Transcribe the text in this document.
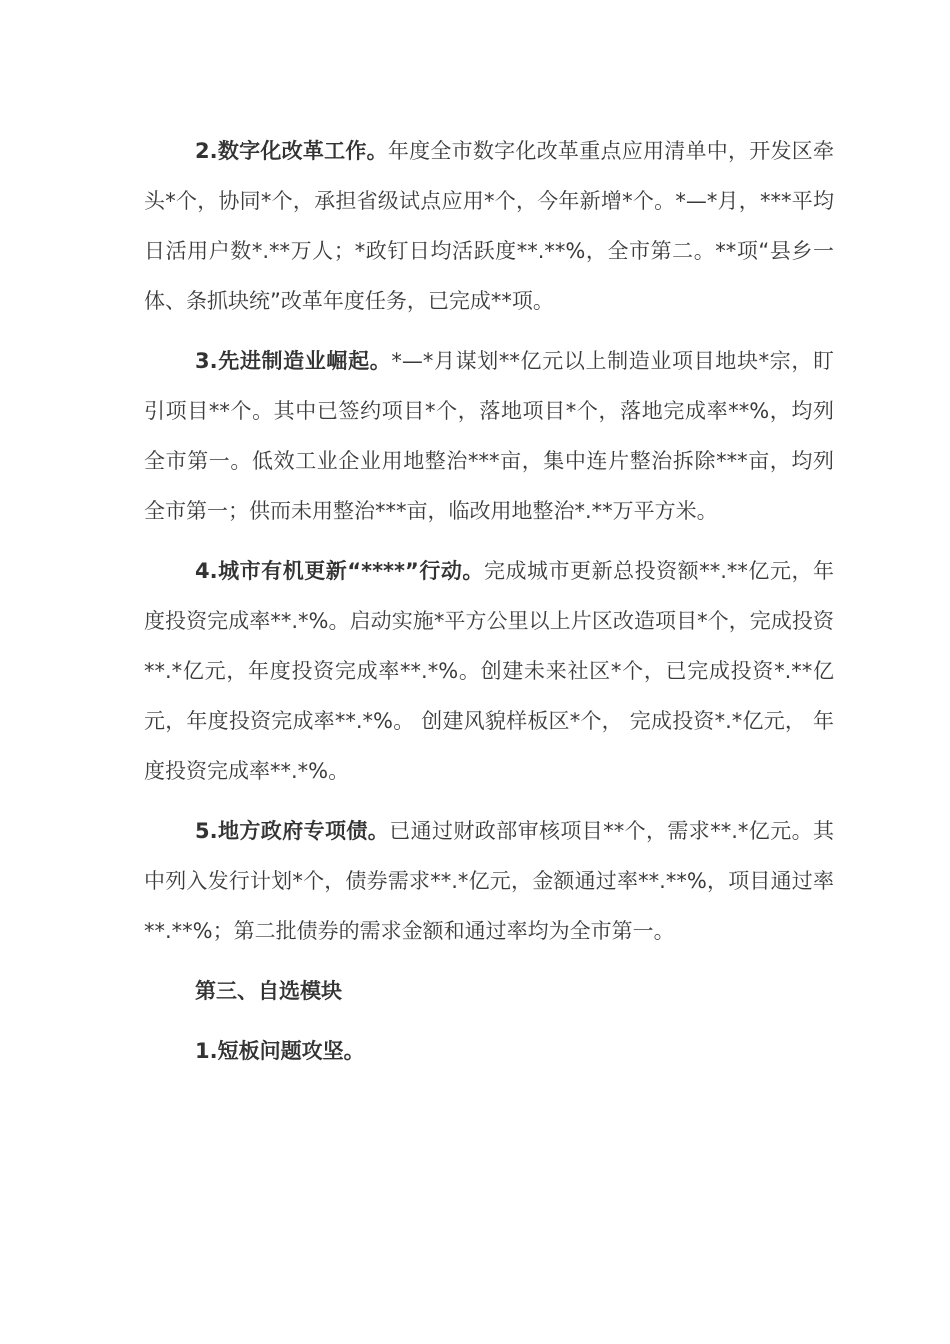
2.数字化改革工作。年度全市数字化改革重点应用清单中，开发区牵头*个，协同*个，承担省级试点应用*个，今年新增*个。*—*月，***平均日活用户数*.**万人；*政钉日均活跃度**.**%，全市第二。**项“县乡一体、条抓块统”改革年度任务，已完成**项。

3.先进制造业崛起。*—*月谋划**亿元以上制造业项目地块*宗，盯引项目**个。其中已签约项目*个，落地项目*个，落地完成率**%，均列全市第一。低效工业企业用地整治***亩，集中连片整治拆除***亩，均列全市第一；供而未用整治***亩，临改用地整治*.**万平方米。

4.城市有机更新“****”行动。完成城市更新总投资额**.**亿元，年度投资完成率**.*%。启动实施*平方公里以上片区改造项目*个，完成投资**.*亿元，年度投资完成率**.*%。创建未来社区*个，已完成投资*.**亿元，年度投资完成率**.*%。 创建风貌样板区*个， 完成投资*.*亿元， 年度投资完成率**.*%。

5.地方政府专项债。已通过财政部审核项目**个，需求**.*亿元。其中列入发行计划*个，债券需求**.*亿元，金额通过率**.**%，项目通过率**.**%；第二批债券的需求金额和通过率均为全市第一。

第三、自选模块

1.短板问题攻坚。
